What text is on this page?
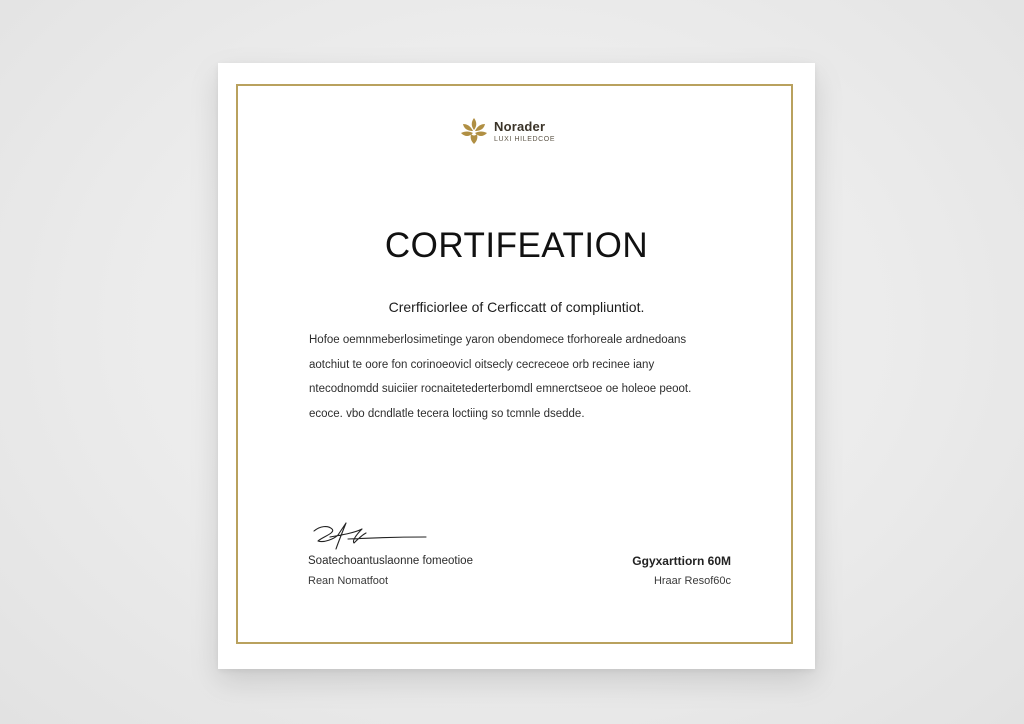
Norader
LUXI HILEDCOE
CORTIFEATION

Crerfficiorlee of Cerficcatt of compliuntiot.

Hofoe oemnmeberlosimetinge yaron obendomece tforhoreale ardnedoans
aotchiut te oore fon corinoeovicl oitsecly cecreceoe orb recinee iany
ntecodnomdd suiciier rocnaitetederterbomdl emnerctseoe oe holeoe peoot.
ecoce. vbo dcndlatle tecera loctiing so tcmnle dsedde.
Soatechoantuslaonne fomeotioe
Rean Nomatfoot
Ggyxarttiorn 60M
Hraar Resof60c
